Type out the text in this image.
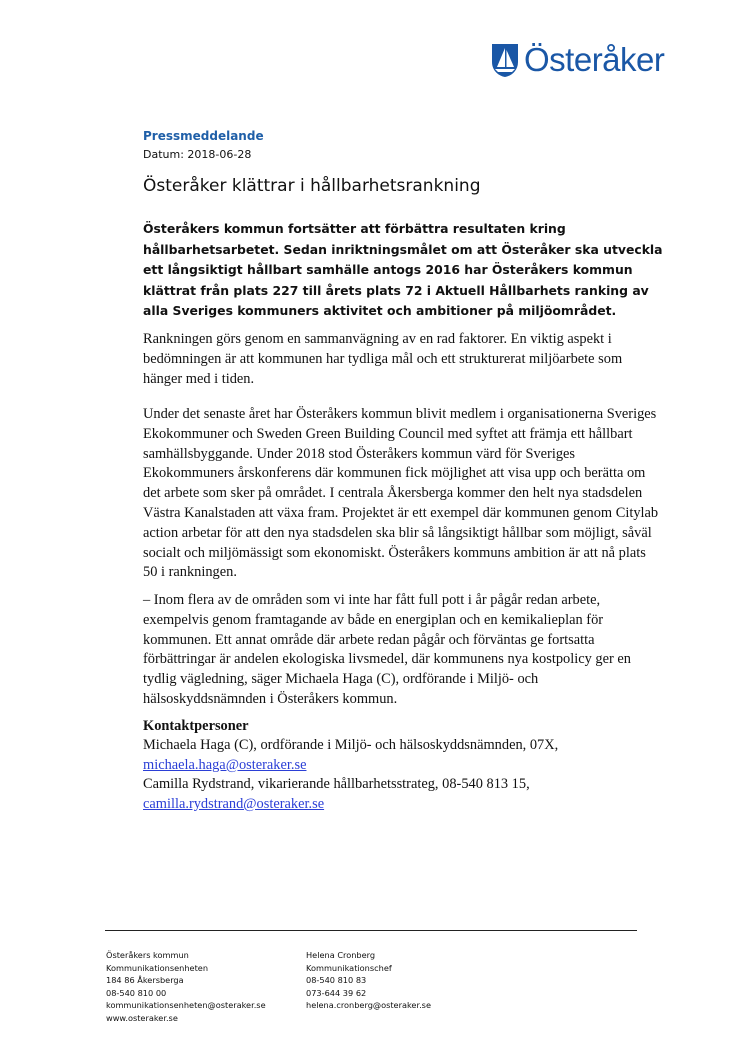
Österåker
Pressmeddelande
Datum: 2018-06-28
Österåker klättrar i hållbarhetsrankning

Österåkers kommun fortsätter att förbättra resultaten kring hållbarhetsarbetet. Sedan inriktningsmålet om att Österåker ska utveckla ett långsiktigt hållbart samhälle antogs 2016 har Österåkers kommun klättrat från plats 227 till årets plats 72 i Aktuell Hållbarhets ranking av alla Sveriges kommuners aktivitet och ambitioner på miljöområdet.

Rankningen görs genom en sammanvägning av en rad faktorer. En viktig aspekt i bedömningen är att kommunen har tydliga mål och ett strukturerat miljöarbete som hänger med i tiden.

Under det senaste året har Österåkers kommun blivit medlem i organisationerna Sveriges Ekokommuner och Sweden Green Building Council med syftet att främja ett hållbart samhällsbyggande. Under 2018 stod Österåkers kommun värd för Sveriges Ekokommuners årskonferens där kommunen fick möjlighet att visa upp och berätta om det arbete som sker på området. I centrala Åkersberga kommer den helt nya stadsdelen Västra Kanalstaden att växa fram. Projektet är ett exempel där kommunen genom Citylab action arbetar för att den nya stadsdelen ska blir så långsiktigt hållbar som möjligt, såväl socialt och miljömässigt som ekonomiskt. Österåkers kommuns ambition är att nå plats 50 i rankningen.

– Inom flera av de områden som vi inte har fått full pott i år pågår redan arbete, exempelvis genom framtagande av både en energiplan och en kemikalieplan för kommunen. Ett annat område där arbete redan pågår och förväntas ge fortsatta förbättringar är andelen ekologiska livsmedel, där kommunens nya kostpolicy ger en tydlig vägledning, säger Michaela Haga (C), ordförande i Miljö- och hälsoskyddsnämnden i Österåkers kommun.

Kontaktpersoner
Michaela Haga (C), ordförande i Miljö- och hälsoskyddsnämnden, 07X,
michaela.haga@osteraker.se
Camilla Rydstrand, vikarierande hållbarhetsstrateg, 08-540 813 15,
camilla.rydstrand@osteraker.se
Österåkers kommun
Kommunikationsenheten
184 86 Åkersberga
08-540 810 00
kommunikationsenheten@osteraker.se
www.osteraker.se
Helena Cronberg
Kommunikationschef
08-540 810 83
073-644 39 62
helena.cronberg@osteraker.se
